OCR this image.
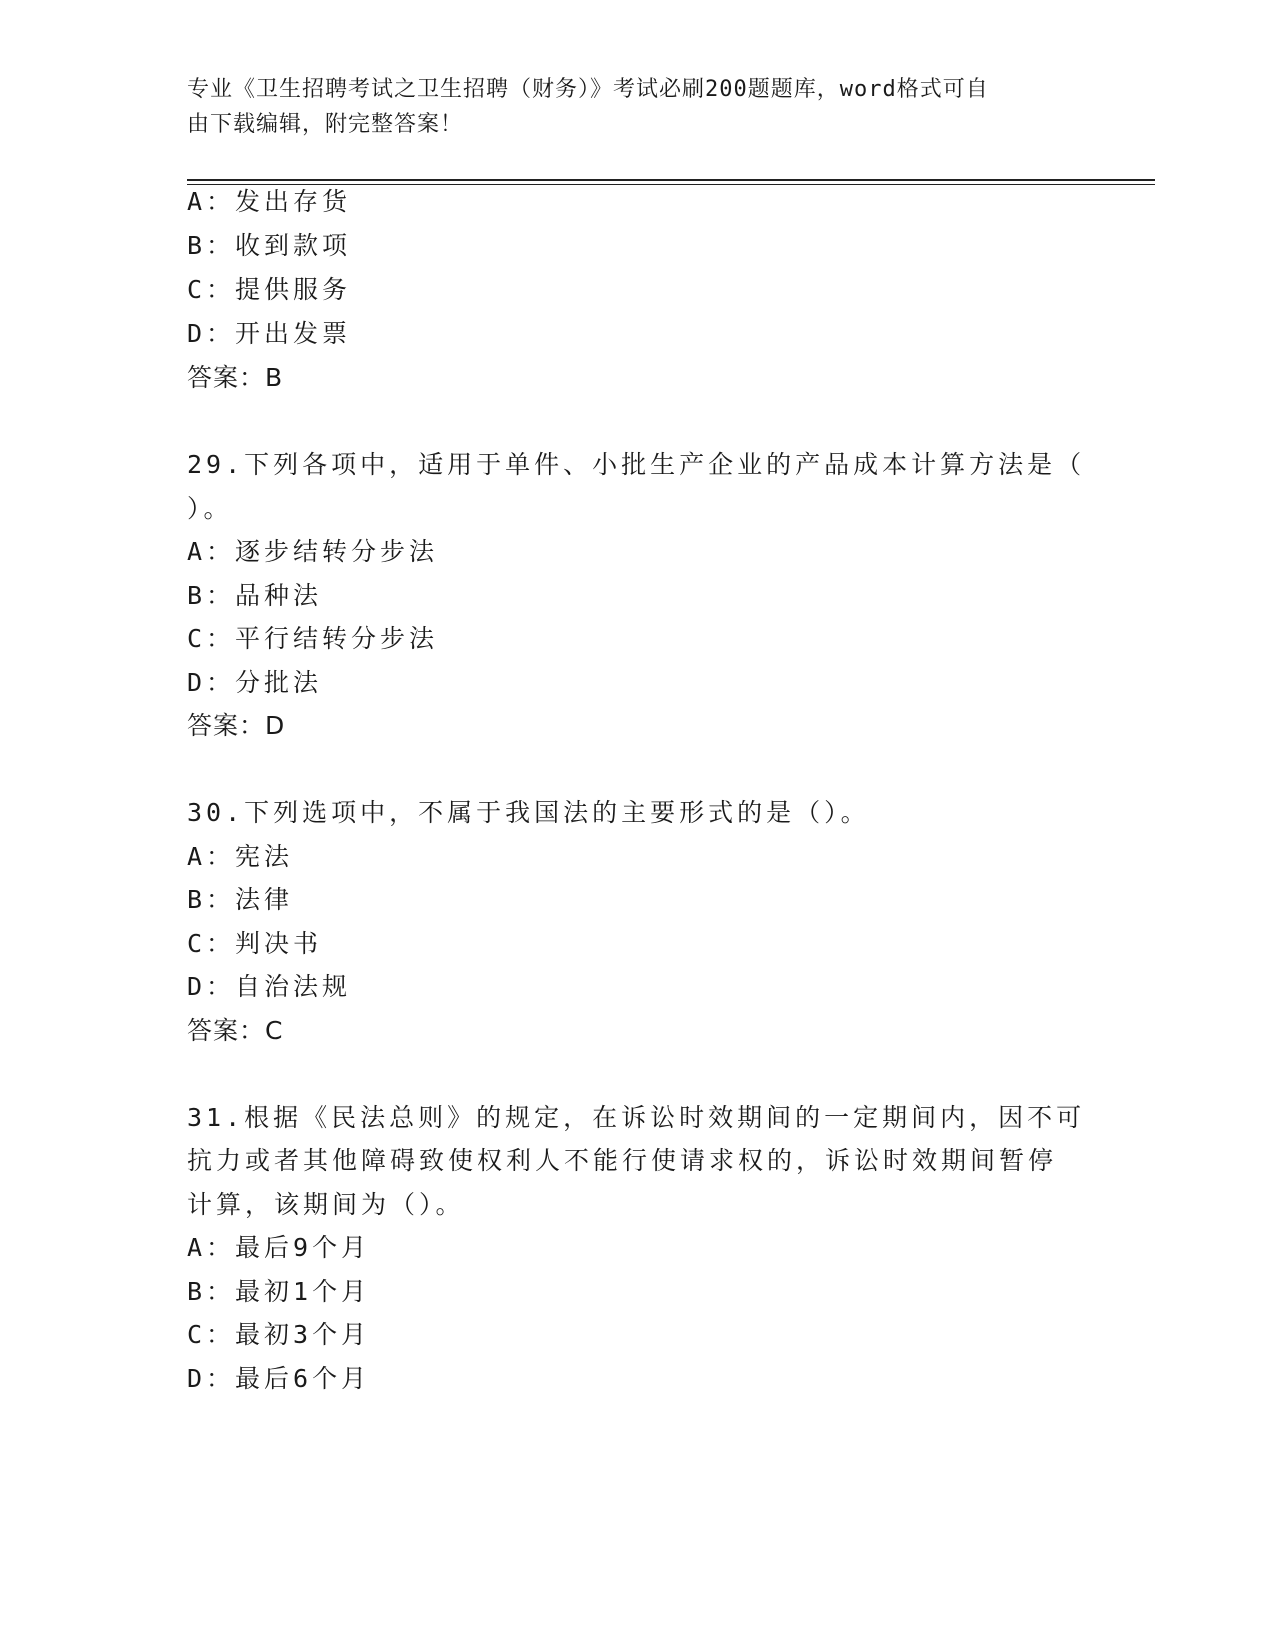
专业《卫生招聘考试之卫生招聘（财务）》考试必刷200题题库，word格式可自
由下载编辑，附完整答案！
A：发出存货
B：收到款项
C：提供服务
D：开出发票
答案：B
29.下列各项中，适用于单件、小批生产企业的产品成本计算方法是（
）。
A：逐步结转分步法
B：品种法
C：平行结转分步法
D：分批法
答案：D
30.下列选项中，不属于我国法的主要形式的是（）。
A：宪法
B：法律
C：判决书
D：自治法规
答案：C
31.根据《民法总则》的规定，在诉讼时效期间的一定期间内，因不可
抗力或者其他障碍致使权利人不能行使请求权的，诉讼时效期间暂停
计算，该期间为（）。
A：最后9个月
B：最初1个月
C：最初3个月
D：最后6个月
